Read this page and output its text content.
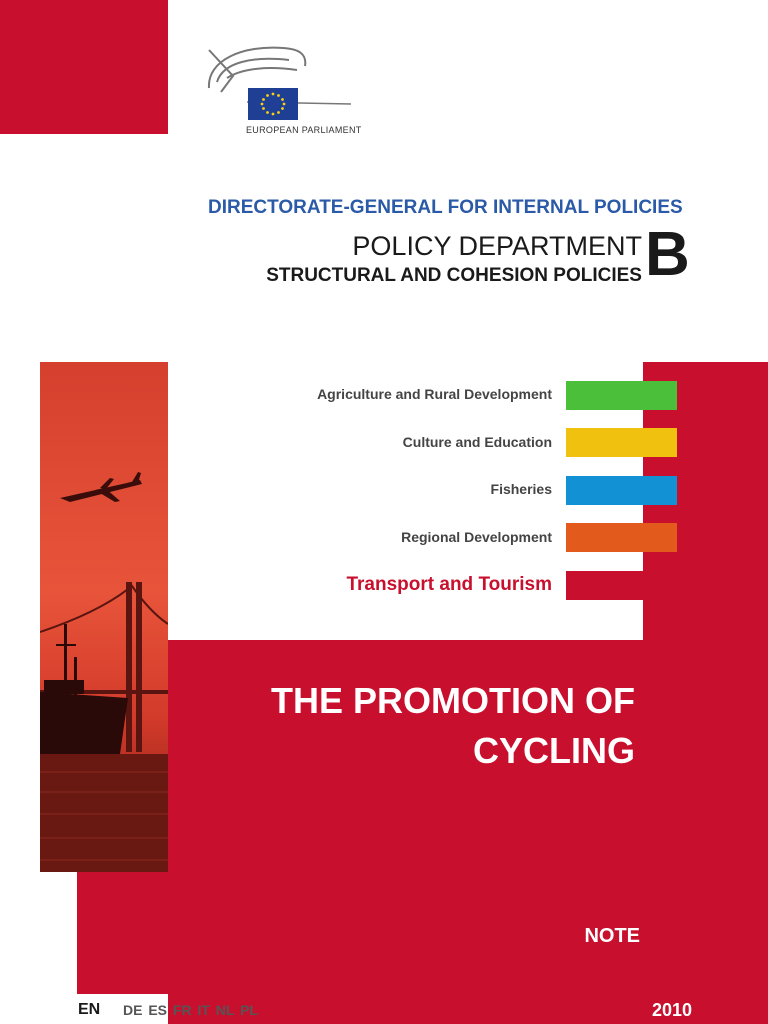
EUROPEAN PARLIAMENT
DIRECTORATE-GENERAL FOR INTERNAL POLICIES
POLICY DEPARTMENT
STRUCTURAL AND COHESION POLICIES B
Agriculture and Rural Development
Culture and Education
Fisheries
Regional Development
Transport and Tourism
THE PROMOTION OF
CYCLING
NOTE
EN DE ES FR IT NL PL	2010
